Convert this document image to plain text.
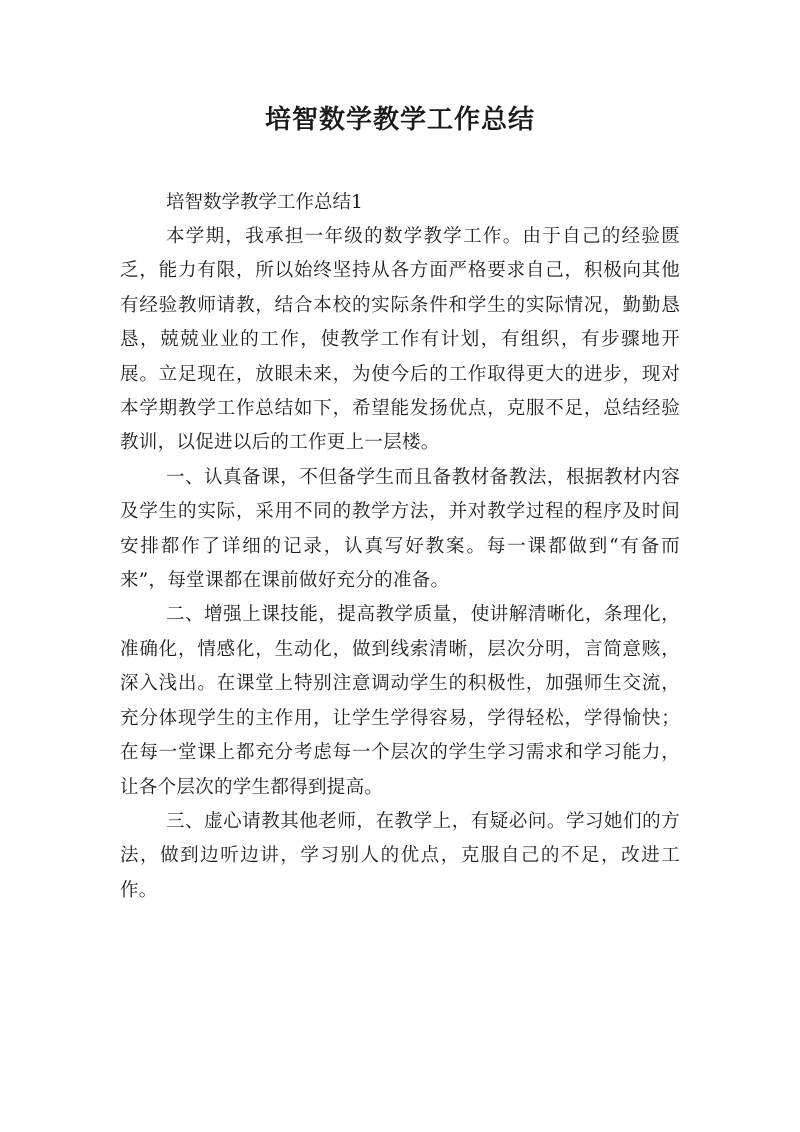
培智数学教学工作总结

培智数学教学工作总结1

本学期，我承担一年级的数学教学工作。由于自己的经验匮乏，能力有限，所以始终坚持从各方面严格要求自己，积极向其他有经验教师请教，结合本校的实际条件和学生的实际情况，勤勤恳恳，兢兢业业的工作，使教学工作有计划，有组织，有步骤地开展。立足现在，放眼未来，为使今后的工作取得更大的进步，现对本学期教学工作总结如下，希望能发扬优点，克服不足，总结经验教训，以促进以后的工作更上一层楼。

一、认真备课，不但备学生而且备教材备教法，根据教材内容及学生的实际，采用不同的教学方法，并对教学过程的程序及时间安排都作了详细的记录，认真写好教案。每一课都做到“有备而来”，每堂课都在课前做好充分的准备。

二、增强上课技能，提高教学质量，使讲解清晰化，条理化，准确化，情感化，生动化，做到线索清晰，层次分明，言简意赅，深入浅出。在课堂上特别注意调动学生的积极性，加强师生交流，充分体现学生的主作用，让学生学得容易，学得轻松，学得愉快；在每一堂课上都充分考虑每一个层次的学生学习需求和学习能力，让各个层次的学生都得到提高。

三、虚心请教其他老师，在教学上，有疑必问。学习她们的方法，做到边听边讲，学习别人的优点，克服自己的不足，改进工作。
